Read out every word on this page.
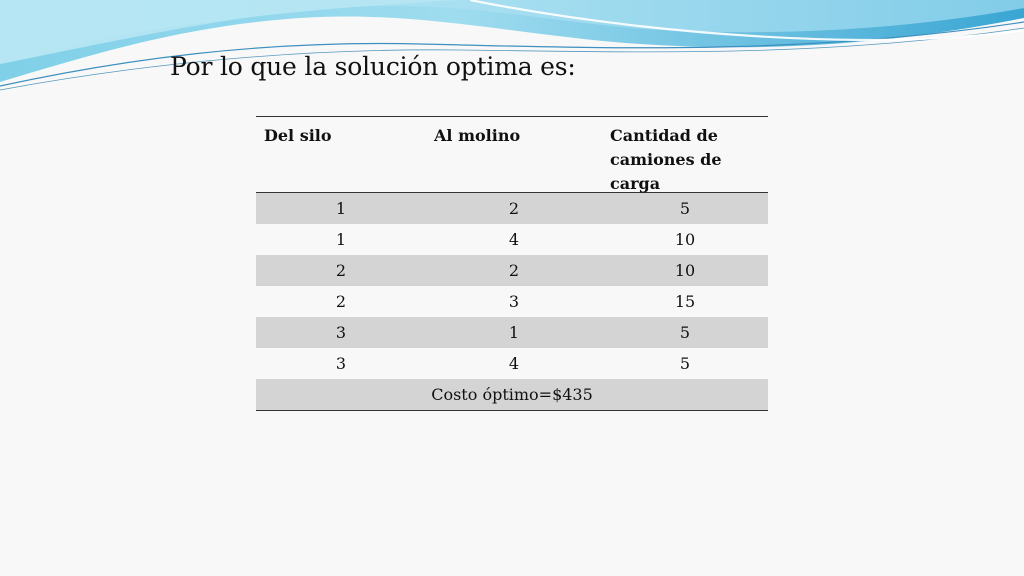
Por lo que la solución optima es:
Del silo	Al molino	Cantidad de camiones de carga
1	2	5
1	4	10
2	2	10
2	3	15
3	1	5
3	4	5
Costo óptimo=$435
